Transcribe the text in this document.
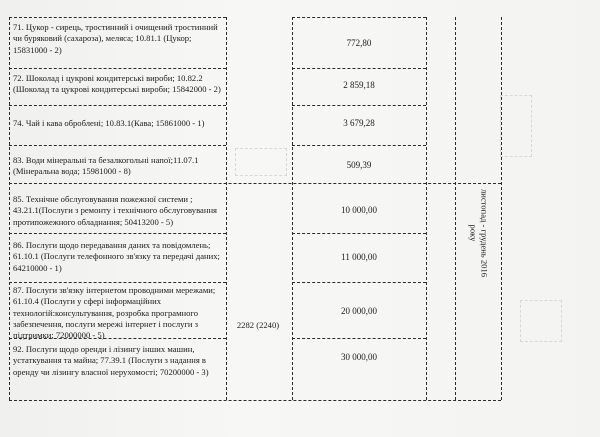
71. Цукор - сирець, тростинний і очищений тростинний
чи буряковий (сахароза), меляса; 10.81.1 (Цукор;
15831000 - 2)
772,80
72. Шоколад і цукрові кондитерські вироби; 10.82.2
(Шоколад та цукрові кондитерські вироби; 15842000 - 2)	2 859,18
74. Чай і кава оброблені; 10.83.1(Кава; 15861000 - 1)	3 679,28
83. Води мінеральні та безалкогольні напої;11.07.1
(Мінеральна вода; 15981000 - 8)
509,39
85. Технічне обслуговування пожежної системи ;
43.21.1(Послуги з ремонту і технічного обслуговування
протипожежного обладнання; 50413200 - 5)
10 000,00
86. Послуги щодо передавання даних та повідомлень;
61.10.1 (Послуги телефонного зв'язку та передачі даних;
64210000 - 1)
11 000,00
87. Послуги зв'язку інтернетом проводними мережами;
61.10.4 (Послуги у сфері інформаційних
технологій:консультування, розробка програмного
забезпечення, послуги мережі інтернет і послуги з
підтримки; 72000000 - 5)
20 000,00
92. Послуги щодо оренди і лізингу інших машин,
устаткування та майна; 77.39.1 (Послуги з надання в
оренду чи лізингу власної нерухомості; 70200000 - 3)
30 000,00
2282 (2240)
листопад - грудень 2016
року
